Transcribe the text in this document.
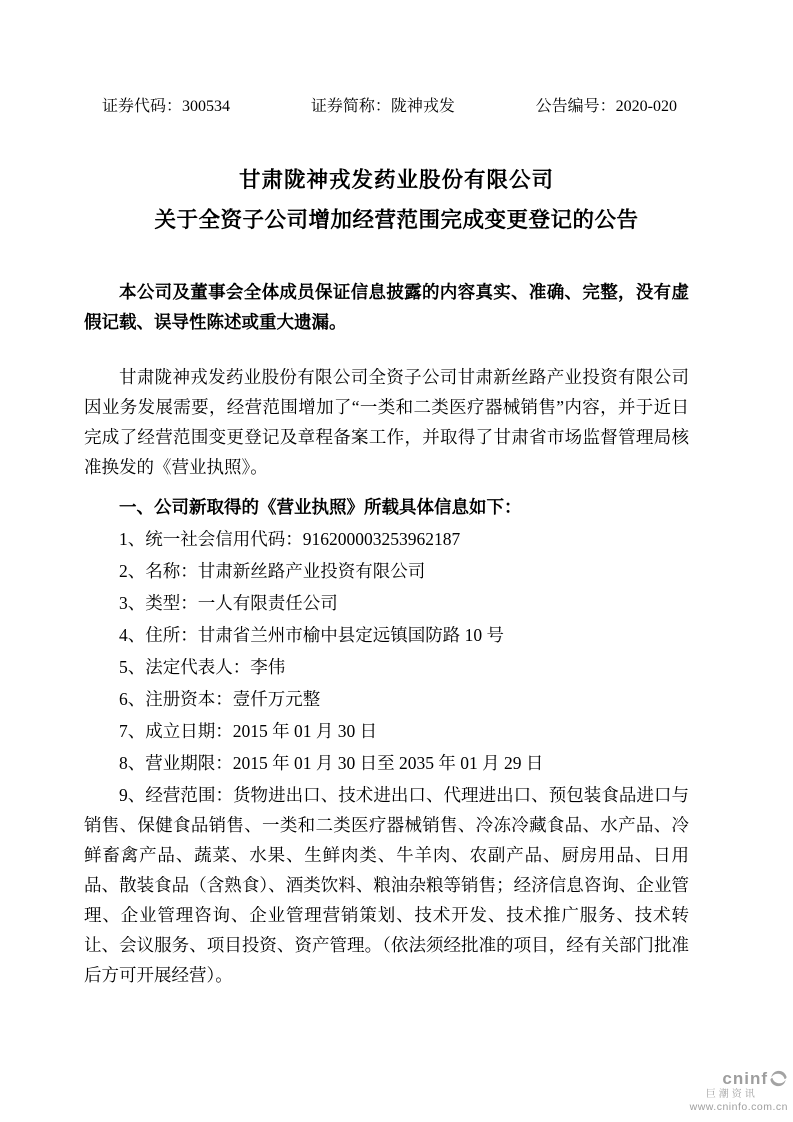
证券代码：300534	证券简称：陇神戎发	公告编号：2020-020
甘肃陇神戎发药业股份有限公司
关于全资子公司增加经营范围完成变更登记的公告

本公司及董事会全体成员保证信息披露的内容真实、准确、完整，没有虚假记载、误导性陈述或重大遗漏。

甘肃陇神戎发药业股份有限公司全资子公司甘肃新丝路产业投资有限公司因业务发展需要，经营范围增加了“一类和二类医疗器械销售”内容，并于近日完成了经营范围变更登记及章程备案工作，并取得了甘肃省市场监督管理局核准换发的《营业执照》。

一、公司新取得的《营业执照》所载具体信息如下：

1、统一社会信用代码：916200003253962187

2、名称：甘肃新丝路产业投资有限公司

3、类型：一人有限责任公司

4、住所：甘肃省兰州市榆中县定远镇国防路 10 号

5、法定代表人：李伟

6、注册资本：壹仟万元整

7、成立日期：2015 年 01 月 30 日

8、营业期限：2015 年 01 月 30 日至 2035 年 01 月 29 日

9、经营范围：货物进出口、技术进出口、代理进出口、预包装食品进口与销售、保健食品销售、一类和二类医疗器械销售、冷冻冷藏食品、水产品、冷鲜畜禽产品、蔬菜、水果、生鲜肉类、牛羊肉、农副产品、厨房用品、日用品、散装食品（含熟食）、酒类饮料、粮油杂粮等销售；经济信息咨询、企业管理、企业管理咨询、企业管理营销策划、技术开发、技术推广服务、技术转让、会议服务、项目投资、资产管理。（依法须经批准的项目，经有关部门批准后方可开展经营）。

cninf
巨潮资讯
www.cninfo.com.cn
